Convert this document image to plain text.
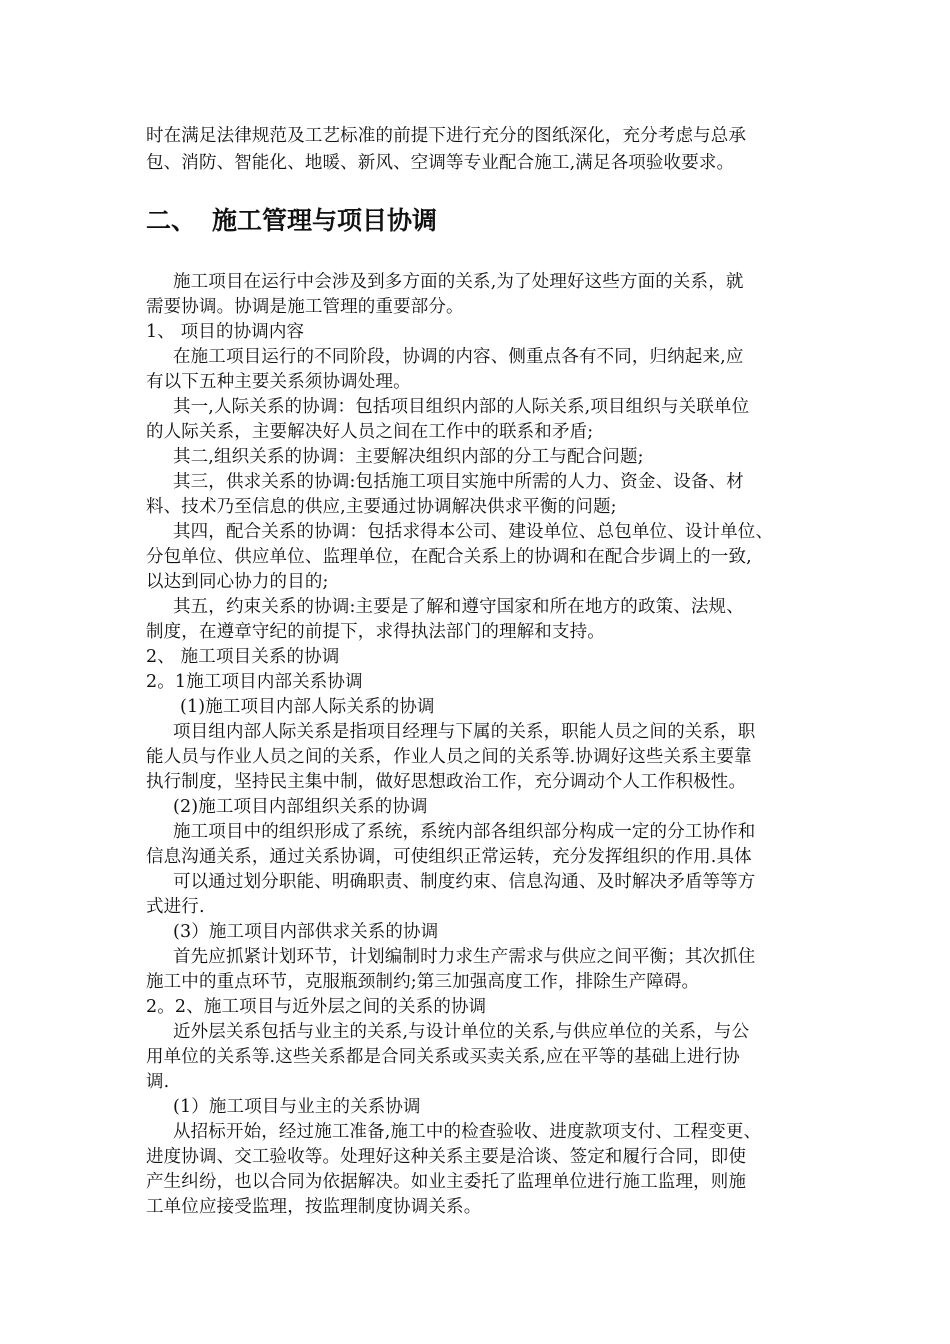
时在满足法律规范及工艺标准的前提下进行充分的图纸深化，充分考虑与总承

包、消防、智能化、地暖、新风、空调等专业配合施工,满足各项验收要求。

二、 施工管理与项目协调

施工项目在运行中会涉及到多方面的关系,为了处理好这些方面的关系，就

需要协调。协调是施工管理的重要部分。

1、 项目的协调内容

在施工项目运行的不同阶段，协调的内容、侧重点各有不同，归纳起来,应

有以下五种主要关系须协调处理。

其一,人际关系的协调：包括项目组织内部的人际关系,项目组织与关联单位

的人际关系，主要解决好人员之间在工作中的联系和矛盾;

其二,组织关系的协调：主要解决组织内部的分工与配合问题;

其三，供求关系的协调:包括施工项目实施中所需的人力、资金、设备、材

料、技术乃至信息的供应,主要通过协调解决供求平衡的问题;

其四，配合关系的协调：包括求得本公司、建设单位、总包单位、设计单位、

分包单位、供应单位、监理单位，在配合关系上的协调和在配合步调上的一致,

以达到同心协力的目的;

其五，约束关系的协调:主要是了解和遵守国家和所在地方的政策、法规、

制度，在遵章守纪的前提下，求得执法部门的理解和支持。

2、 施工项目关系的协调

2。1施工项目内部关系协调

(1)施工项目内部人际关系的协调

项目组内部人际关系是指项目经理与下属的关系，职能人员之间的关系，职

能人员与作业人员之间的关系，作业人员之间的关系等.协调好这些关系主要靠

执行制度，坚持民主集中制，做好思想政治工作，充分调动个人工作积极性。

(2)施工项目内部组织关系的协调

施工项目中的组织形成了系统，系统内部各组织部分构成一定的分工协作和

信息沟通关系，通过关系协调，可使组织正常运转，充分发挥组织的作用.具体

可以通过划分职能、明确职责、制度约束、信息沟通、及时解决矛盾等等方

式进行.

(3）施工项目内部供求关系的协调

首先应抓紧计划环节，计划编制时力求生产需求与供应之间平衡；其次抓住

施工中的重点环节，克服瓶颈制约;第三加强高度工作，排除生产障碍。

2。2、施工项目与近外层之间的关系的协调

近外层关系包括与业主的关系,与设计单位的关系,与供应单位的关系，与公

用单位的关系等.这些关系都是合同关系或买卖关系,应在平等的基础上进行协

调.

(1）施工项目与业主的关系协调

从招标开始，经过施工准备,施工中的检查验收、进度款项支付、工程变更、

进度协调、交工验收等。处理好这种关系主要是洽谈、签定和履行合同，即使

产生纠纷，也以合同为依据解决。如业主委托了监理单位进行施工监理，则施

工单位应接受监理，按监理制度协调关系。
